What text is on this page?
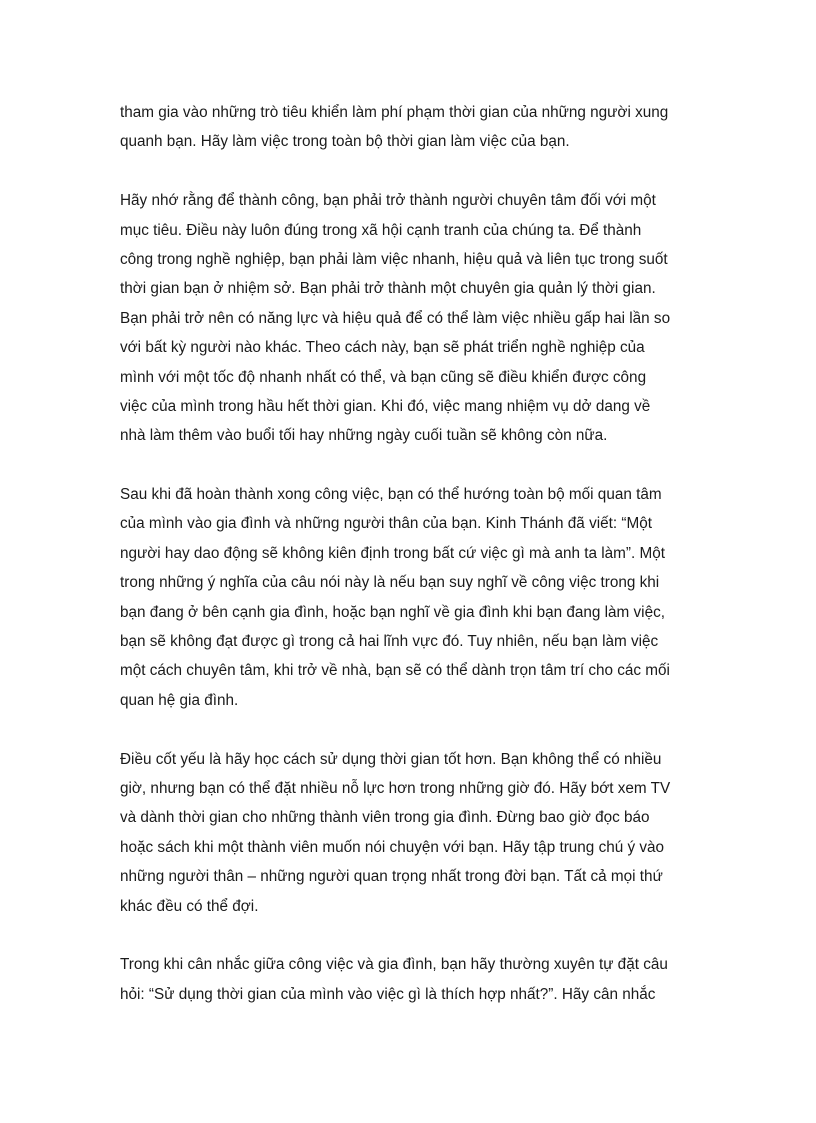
tham gia vào những trò tiêu khiển làm phí phạm thời gian của những người xung
quanh bạn. Hãy làm việc trong toàn bộ thời gian làm việc của bạn.
Hãy nhớ rằng để thành công, bạn phải trở thành người chuyên tâm đối với một
mục tiêu. Điều này luôn đúng trong xã hội cạnh tranh của chúng ta. Để thành
công trong nghề nghiệp, bạn phải làm việc nhanh, hiệu quả và liên tục trong suốt
thời gian bạn ở nhiệm sở. Bạn phải trở thành một chuyên gia quản lý thời gian.
Bạn phải trở nên có năng lực và hiệu quả để có thể làm việc nhiều gấp hai lần so
với bất kỳ người nào khác. Theo cách này, bạn sẽ phát triển nghề nghiệp của
mình với một tốc độ nhanh nhất có thể, và bạn cũng sẽ điều khiển được công
việc của mình trong hầu hết thời gian. Khi đó, việc mang nhiệm vụ dở dang về
nhà làm thêm vào buổi tối hay những ngày cuối tuần sẽ không còn nữa.
Sau khi đã hoàn thành xong công việc, bạn có thể hướng toàn bộ mối quan tâm
của mình vào gia đình và những người thân của bạn. Kinh Thánh đã viết: “Một
người hay dao động sẽ không kiên định trong bất cứ việc gì mà anh ta làm”. Một
trong những ý nghĩa của câu nói này là nếu bạn suy nghĩ về công việc trong khi
bạn đang ở bên cạnh gia đình, hoặc bạn nghĩ về gia đình khi bạn đang làm việc,
bạn sẽ không đạt được gì trong cả hai lĩnh vực đó. Tuy nhiên, nếu bạn làm việc
một cách chuyên tâm, khi trở về nhà, bạn sẽ có thể dành trọn tâm trí cho các mối
quan hệ gia đình.
Điều cốt yếu là hãy học cách sử dụng thời gian tốt hơn. Bạn không thể có nhiều
giờ, nhưng bạn có thể đặt nhiều nỗ lực hơn trong những giờ đó. Hãy bớt xem TV
và dành thời gian cho những thành viên trong gia đình. Đừng bao giờ đọc báo
hoặc sách khi một thành viên muốn nói chuyện với bạn. Hãy tập trung chú ý vào
những người thân – những người quan trọng nhất trong đời bạn. Tất cả mọi thứ
khác đều có thể đợi.
Trong khi cân nhắc giữa công việc và gia đình, bạn hãy thường xuyên tự đặt câu
hỏi: “Sử dụng thời gian của mình vào việc gì là thích hợp nhất?”. Hãy cân nhắc
